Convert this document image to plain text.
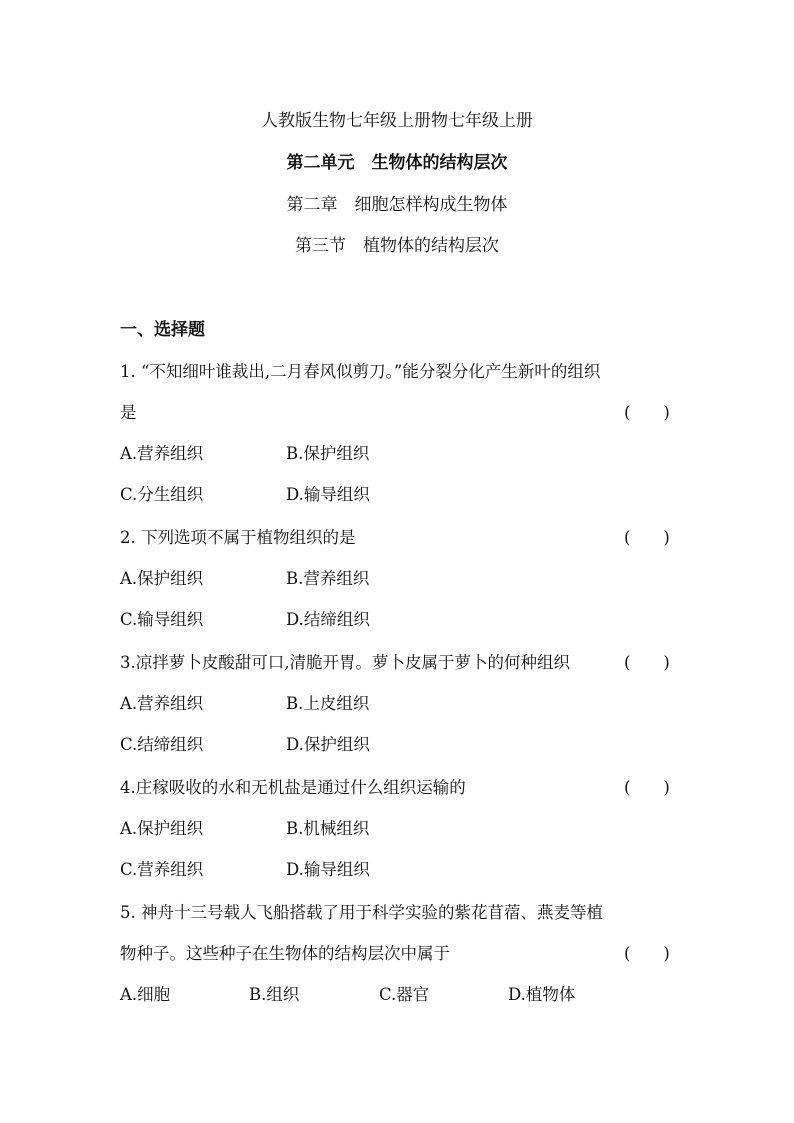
人教版生物七年级上册物七年级上册
第二单元　生物体的结构层次
第二章　细胞怎样构成生物体
第三节　植物体的结构层次
一、选择题
1. “不知细叶谁裁出,二月春风似剪刀。”能分裂分化产生新叶的组织
是	(　　)
A.营养组织	B.保护组织
C.分生组织	D.输导组织
2. 下列选项不属于植物组织的是	(　　)
A.保护组织	B.营养组织
C.输导组织	D.结缔组织
3.凉拌萝卜皮酸甜可口,清脆开胃。萝卜皮属于萝卜的何种组织	(　　)
A.营养组织	B.上皮组织
C.结缔组织	D.保护组织
4.庄稼吸收的水和无机盐是通过什么组织运输的	(　　)
A.保护组织	B.机械组织
C.营养组织	D.输导组织
5. 神舟十三号载人飞船搭载了用于科学实验的紫花苜蓿、燕麦等植
物种子。这些种子在生物体的结构层次中属于	(　　)
A.细胞	B.组织	C.器官	D.植物体
